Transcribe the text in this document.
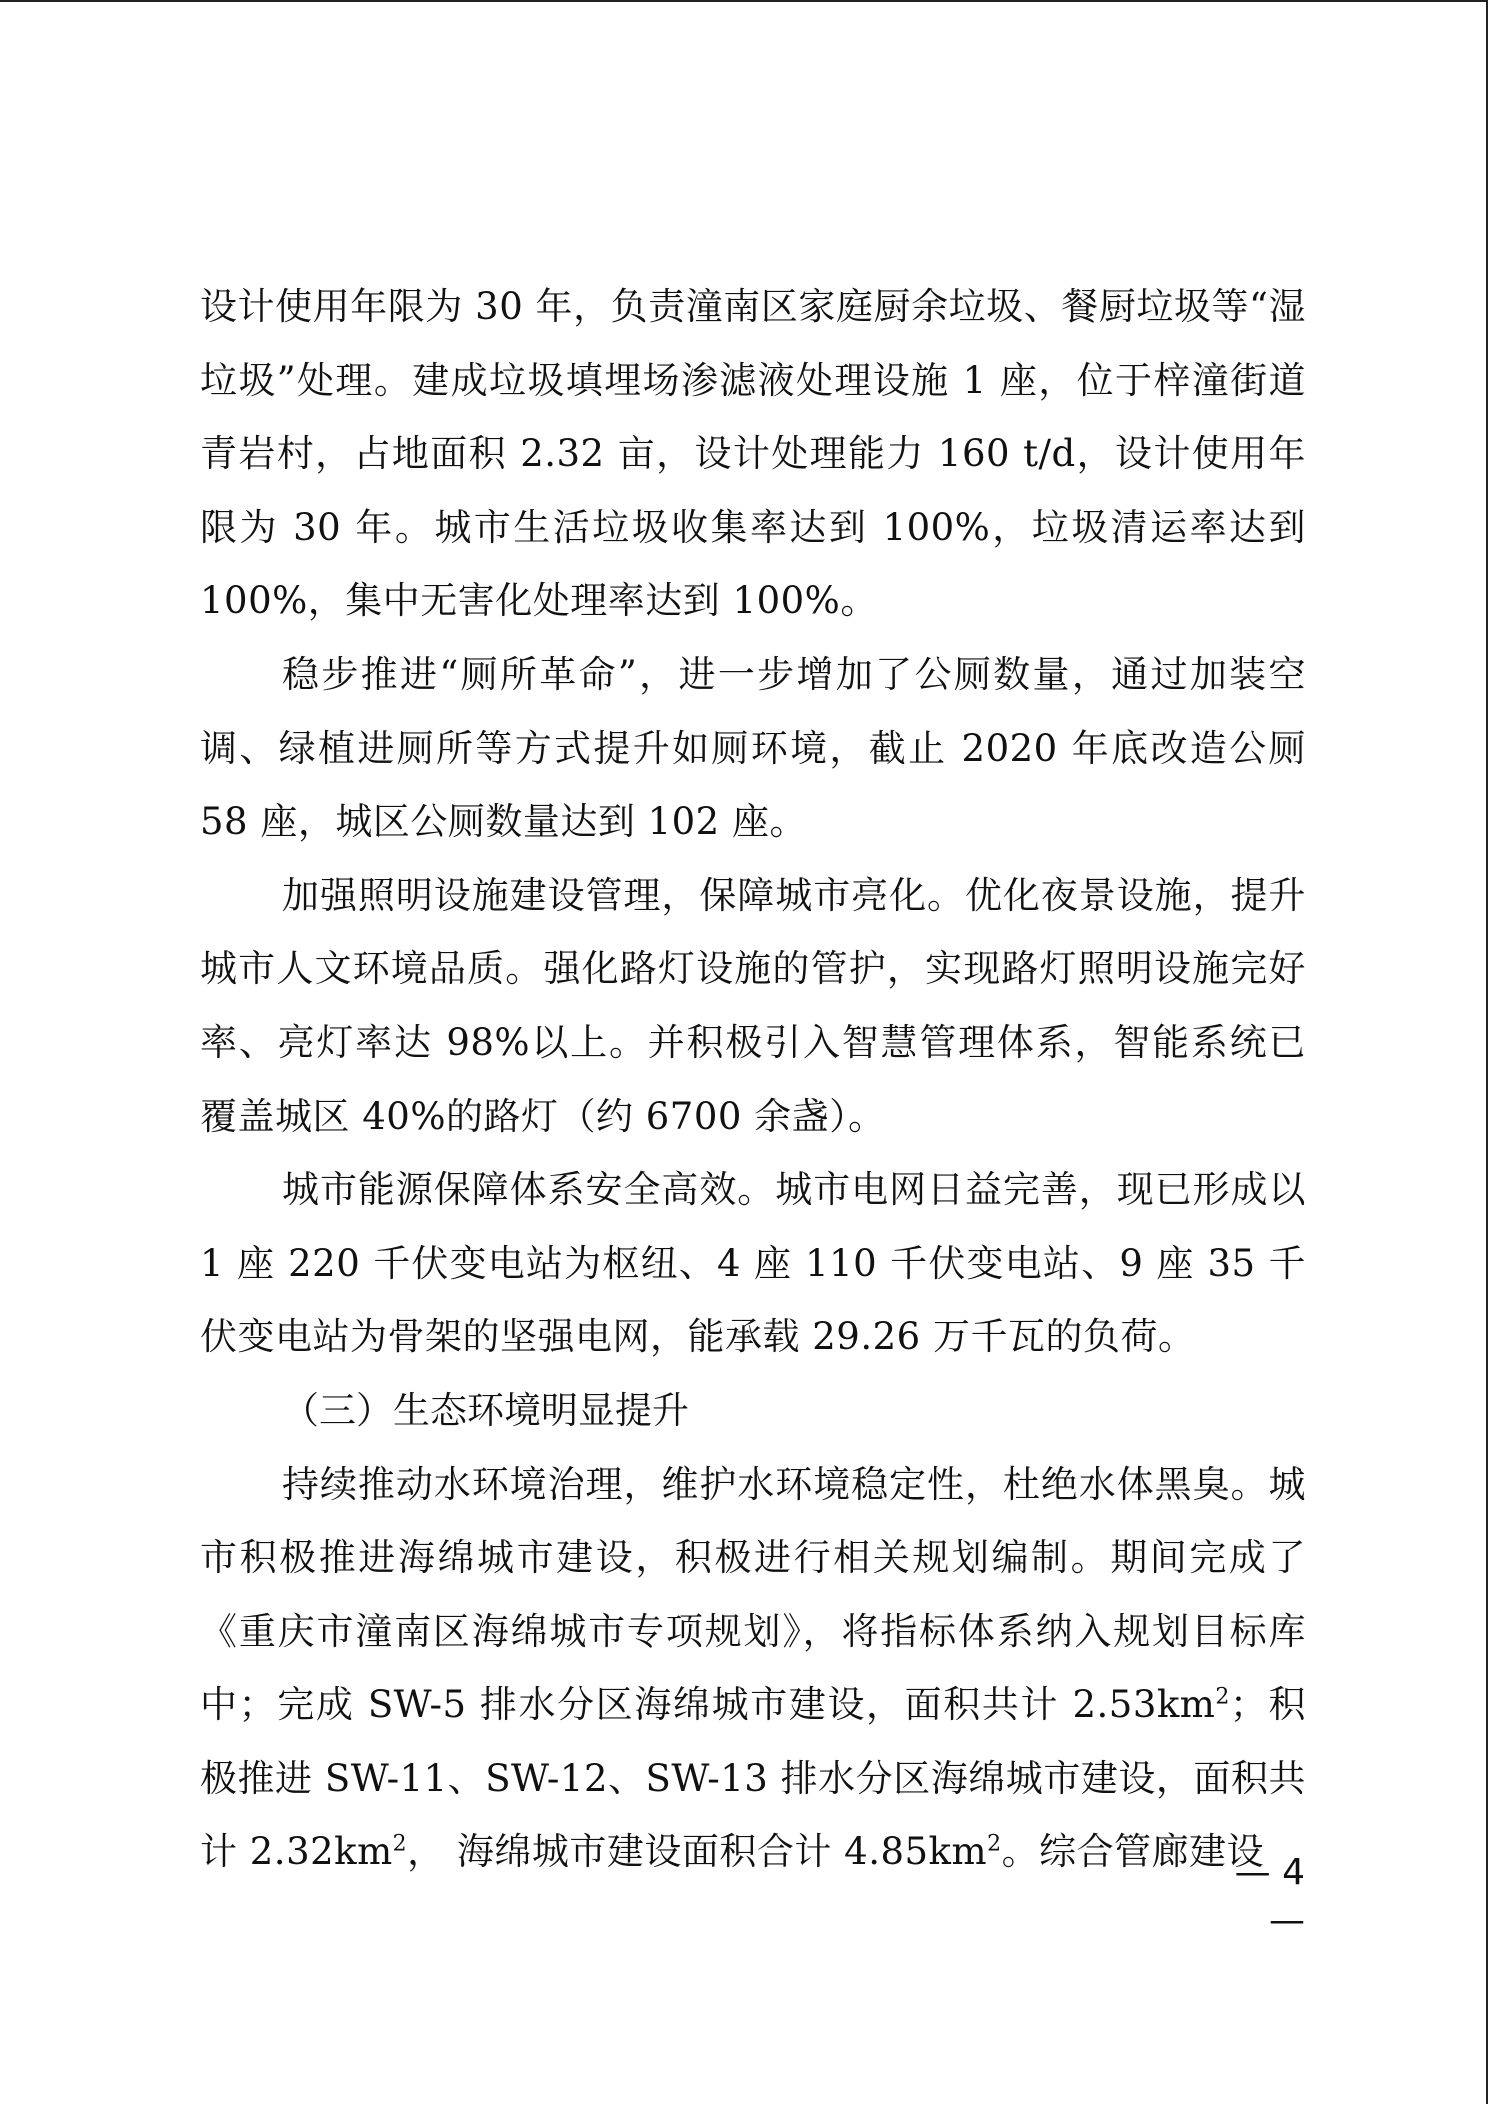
设计使用年限为 30 年，负责潼南区家庭厨余垃圾、餐厨垃圾等“湿垃圾”处理。建成垃圾填埋场渗滤液处理设施 1 座，位于梓潼街道青岩村，占地面积 2.32 亩，设计处理能力 160 t/d，设计使用年限为 30 年。城市生活垃圾收集率达到 100%，垃圾清运率达到 100%，集中无害化处理率达到 100%。

稳步推进“厕所革命”，进一步增加了公厕数量，通过加装空调、绿植进厕所等方式提升如厕环境，截止 2020 年底改造公厕 58 座，城区公厕数量达到 102 座。

加强照明设施建设管理，保障城市亮化。优化夜景设施，提升城市人文环境品质。强化路灯设施的管护，实现路灯照明设施完好率、亮灯率达 98%以上。并积极引入智慧管理体系，智能系统已覆盖城区 40%的路灯（约 6700 余盏）。

城市能源保障体系安全高效。城市电网日益完善，现已形成以 1 座 220 千伏变电站为枢纽、4 座 110 千伏变电站、9 座 35 千伏变电站为骨架的坚强电网，能承载 29.26 万千瓦的负荷。

（三）生态环境明显提升

持续推动水环境治理，维护水环境稳定性，杜绝水体黑臭。城市积极推进海绵城市建设，积极进行相关规划编制。期间完成了《重庆市潼南区海绵城市专项规划》，将指标体系纳入规划目标库中；完成 SW-5 排水分区海绵城市建设，面积共计 $2.53km^2$；积极推进 SW-11、SW-12、SW-13 排水分区海绵城市建设，面积共计 $2.32km^2$， 海绵城市建设面积合计 $4.85km^2$。综合管廊建设

— 4 —
